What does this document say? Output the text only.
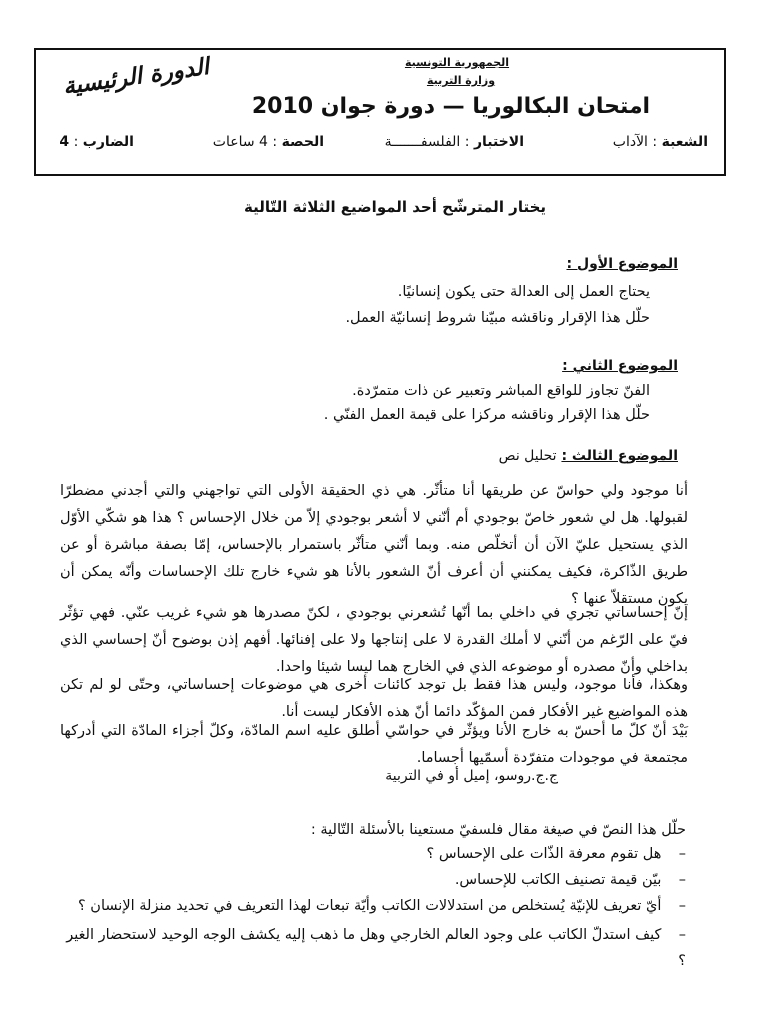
الجمهورية التونسية
وزارة التربية
الدورة الرئيسية
امتحان البكالوريا — دورة جوان 2010
الشعبة : الآداب
الاختبار : الفلسفـــــــة
الحصة : 4 ساعات
الضارب : 4
يختار المترشّح أحد المواضيع الثلاثة التّالية
الموضوع الأول :
يحتاج العمل إلى العدالة حتى يكون إنسانيًا.
حلّل هذا الإقرار وناقشه مبيّنا شروط إنسانيّة العمل.
الموضوع الثاني :
الفنّ تجاوز للواقع المباشر وتعبير عن ذات متمرّدة.
حلّل هذا الإقرار وناقشه مركزا على قيمة العمل الفنّي .
الموضوع الثالث : تحليل نص
أنا موجود ولي حواسّ عن طريقها أنا متأثّر. هي ذي الحقيقة الأولى التي تواجهني والتي أجدني مضطرّا لقبولها. هل لي شعور خاصّ بوجودي أم أنّني لا أشعر بوجودي إلاّ من خلال الإحساس ؟ هذا هو شكّي الأوّل الذي يستحيل عليّ الآن أن أتخلّص منه. وبما أنّني متأثّر باستمرار بالإحساس، إمّا بصفة مباشرة أو عن طريق الذّاكرة، فكيف يمكنني أن أعرف أنّ الشعور بالأنا هو شيء خارج تلك الإحساسات وأنّه يمكن أن يكون مستقلاّ عنها ؟
إنّ إحساساتي تجري في داخلي بما أنّها تُشعرني بوجودي ، لكنّ مصدرها هو شيء غريب عنّي. فهي تؤثّر فيّ على الرّغم من أنّني لا أملك القدرة لا على إنتاجها ولا على إفنائها. أفهم إذن بوضوح أنّ إحساسي الذي بداخلي وأنّ مصدره أو موضوعه الذي في الخارج هما ليسا شيئا واحدا.
وهكذا، فأنا موجود، وليس هذا فقط بل توجد كائنات أخرى هي موضوعات إحساساتي، وحتّى لو لم تكن هذه المواضيع غير الأفكار فمن المؤكّد دائما أنّ هذه الأفكار ليست أنا.
بَيْدَ أنّ كلّ ما أحسّ به خارج الأنا ويؤثّر في حواسّي أطلق عليه اسم المادّة، وكلّ أجزاء المادّة التي أدركها مجتمعة في موجودات متفرّدة أسمّيها أجساما.
ج.ج.روسو، إميل أو في التربية
حلّل هذا النصّ في صيغة مقال فلسفيّ مستعينا بالأسئلة التّالية :
– هل تقوم معرفة الذّات على الإحساس ؟
– بيّن قيمة تصنيف الكاتب للإحساس.
– أيّ تعريف للإنيّة يُستخلص من استدلالات الكاتب وأيّة تبعات لهذا التعريف في تحديد منزلة الإنسان ؟
– كيف استدلّ الكاتب على وجود العالم الخارجي وهل ما ذهب إليه يكشف الوجه الوحيد لاستحضار الغير ؟
